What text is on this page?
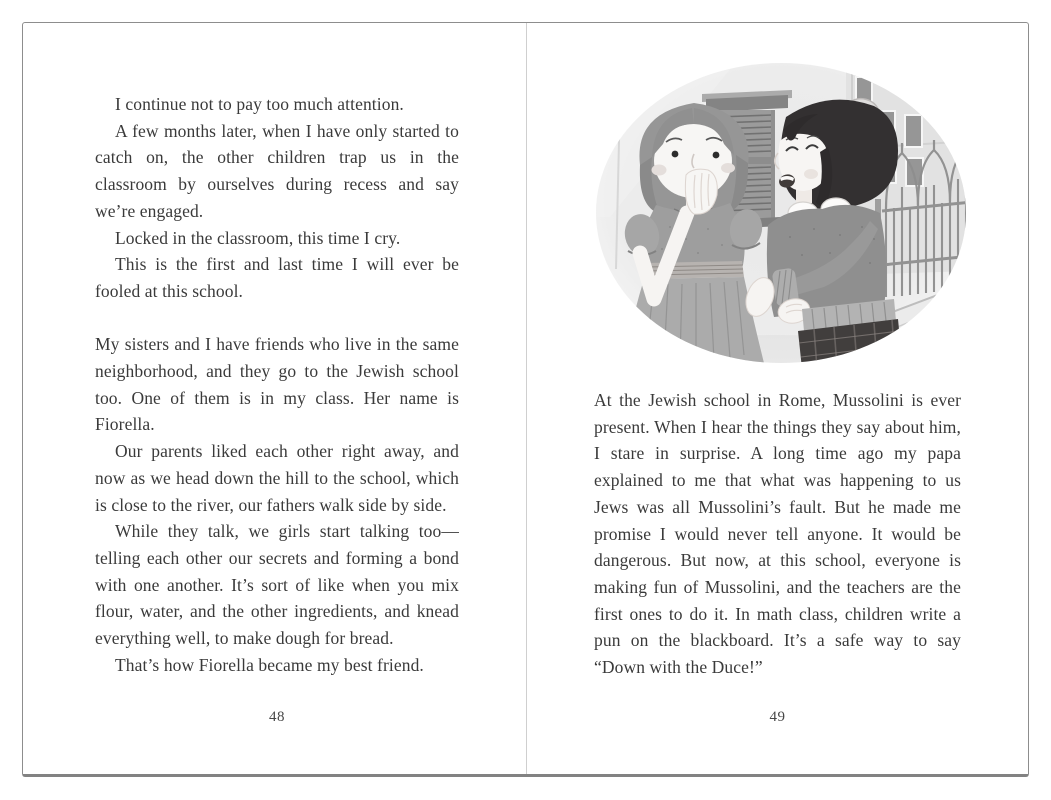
I continue not to pay too much attention.

A few months later, when I have only started to catch on, the other children trap us in the classroom by ourselves during recess and say we’re engaged.

Locked in the classroom, this time I cry.

This is the first and last time I will ever be fooled at this school.

My sisters and I have friends who live in the same neighborhood, and they go to the Jewish school too. One of them is in my class. Her name is Fiorella.

Our parents liked each other right away, and now as we head down the hill to the school, which is close to the river, our fathers walk side by side.

While they talk, we girls start talking too—telling each other our secrets and forming a bond with one another. It’s sort of like when you mix flour, water, and the other ingredients, and knead everything well, to make dough for bread.

That’s how Fiorella became my best friend.

48

At the Jewish school in Rome, Mussolini is ever present. When I hear the things they say about him, I stare in surprise. A long time ago my papa explained to me that what was happening to us Jews was all Mussolini’s fault. But he made me promise I would never tell anyone. It would be dangerous. But now, at this school, everyone is making fun of Mussolini, and the teachers are the first ones to do it. In math class, children write a pun on the blackboard. It’s a safe way to say “Down with the Duce!”

49
